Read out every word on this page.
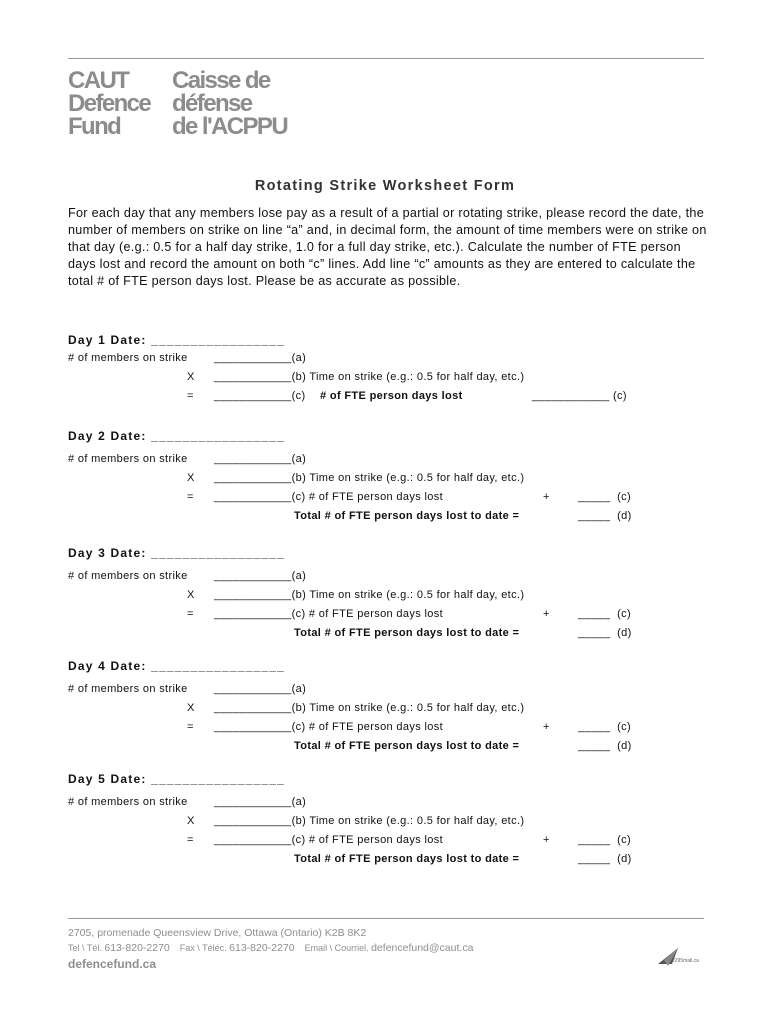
CAUT
Defence
Fund
Caisse de
défense
de l'ACPPU
Rotating Strike Worksheet Form

For each day that any members lose pay as a result of a partial or rotating strike, please record the date, the number of members on strike on line “a” and, in decimal form, the amount of time members were on strike on that day (e.g.: 0.5 for a half day strike, 1.0 for a full day strike, etc.). Calculate the number of FTE person days lost and record the amount on both “c” lines. Add line “c” amounts as they are entered to calculate the total # of FTE person days lost. Please be as accurate as possible.

Day 1 Date: _________________
# of members on strike ____________(a)
X ____________(b) Time on strike (e.g.: 0.5 for half day, etc.)
= ____________(c) # of FTE person days lost	____________ (c)
Day 2 Date: _________________
# of members on strike ____________(a)
X ____________(b) Time on strike (e.g.: 0.5 for half day, etc.)
= ____________(c) # of FTE person days lost	+	_____  (c)
Total # of FTE person days lost to date =	_____  (d)
Day 3 Date: _________________
# of members on strike ____________(a)
X ____________(b) Time on strike (e.g.: 0.5 for half day, etc.)
= ____________(c) # of FTE person days lost	+	_____  (c)
Total # of FTE person days lost to date =	_____  (d)
Day 4 Date: _________________
# of members on strike ____________(a)
X ____________(b) Time on strike (e.g.: 0.5 for half day, etc.)
= ____________(c) # of FTE person days lost	+	_____  (c)
Total # of FTE person days lost to date =	_____  (d)
Day 5 Date: _________________
# of members on strike ____________(a)
X ____________(b) Time on strike (e.g.: 0.5 for half day, etc.)
= ____________(c) # of FTE person days lost	+	_____  (c)
Total # of FTE person days lost to date =	_____  (d)
2705, promenade Queensview Drive, Ottawa (Ontario) K2B 8K2
Tel \ Tél. 613-820-2270 Fax \ Téléc. 613-820-2270 Email \ Courriel. defencefund@caut.ca
defencefund.ca	2295mali.ca
